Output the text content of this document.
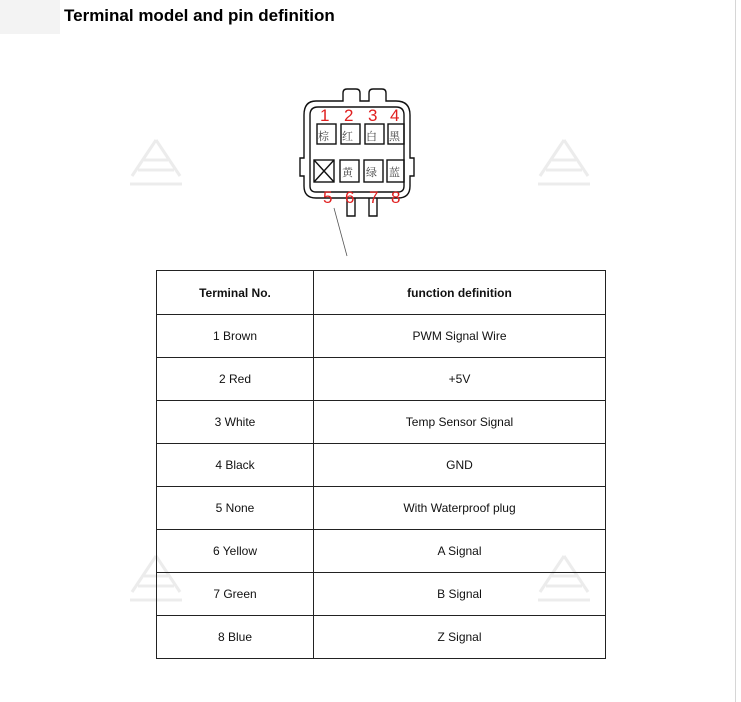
Terminal model and pin definition
棕 红 白 黑
黄 绿 蓝
1 2 3 4
5 6 7 8
Terminal No.	function definition
1 Brown	PWM Signal Wire
2 Red	+5V
3 White	Temp Sensor Signal
4 Black	GND
5 None	With Waterproof plug
6 Yellow	A Signal
7 Green	B Signal
8 Blue	Z Signal
